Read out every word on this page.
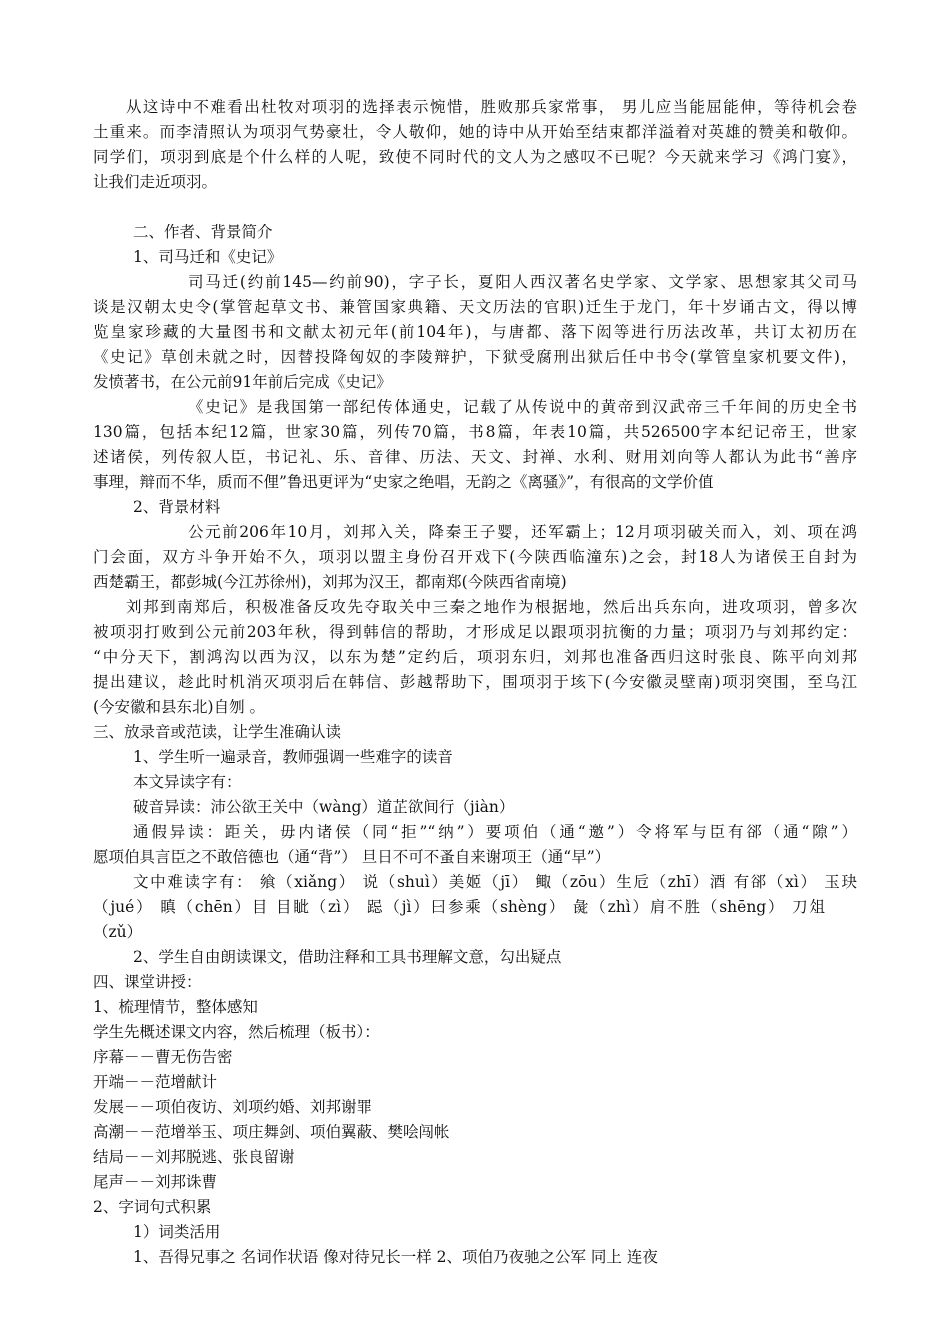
从这诗中不难看出杜牧对项羽的选择表示惋惜，胜败那兵家常事， 男儿应当能屈能伸，等待机会卷
土重来。而李清照认为项羽气势豪壮，令人敬仰，她的诗中从开始至结束都洋溢着对英雄的赞美和敬仰。
同学们，项羽到底是个什么样的人呢，致使不同时代的文人为之感叹不已呢？今天就来学习《鸿门宴》，
让我们走近项羽。
二、作者、背景简介
1、司马迁和《史记》
司马迁(约前145—约前90)，字子长，夏阳人西汉著名史学家、文学家、思想家其父司马
谈是汉朝太史令(掌管起草文书、兼管国家典籍、天文历法的官职)迁生于龙门，年十岁诵古文，得以博
览皇家珍藏的大量图书和文献太初元年(前104年)，与唐都、落下闳等进行历法改革，共订太初历在
《史记》草创未就之时，因替投降匈奴的李陵辩护，下狱受腐刑出狱后任中书令(掌管皇家机要文件)，
发愤著书，在公元前91年前后完成《史记》
《史记》是我国第一部纪传体通史，记载了从传说中的黄帝到汉武帝三千年间的历史全书
130篇，包括本纪12篇，世家30篇，列传70篇，书8篇，年表10篇，共526500字本纪记帝王，世家
述诸侯，列传叙人臣，书记礼、乐、音律、历法、天文、封禅、水利、财用刘向等人都认为此书“善序
事理，辩而不华，质而不俚”鲁迅更评为“史家之绝唱，无韵之《离骚》”，有很高的文学价值
2、背景材料
公元前206年10月，刘邦入关，降秦王子婴，还军霸上；12月项羽破关而入，刘、项在鸿
门会面，双方斗争开始不久，项羽以盟主身份召开戏下(今陕西临潼东)之会，封18人为诸侯王自封为
西楚霸王，都彭城(今江苏徐州)，刘邦为汉王，都南郑(今陕西省南境)
刘邦到南郑后，积极准备反攻先夺取关中三秦之地作为根据地，然后出兵东向，进攻项羽，曾多次
被项羽打败到公元前203年秋，得到韩信的帮助，才形成足以跟项羽抗衡的力量；项羽乃与刘邦约定：
“中分天下，割鸿沟以西为汉，以东为楚”定约后，项羽东归，刘邦也准备西归这时张良、陈平向刘邦
提出建议，趁此时机消灭项羽后在韩信、彭越帮助下，围项羽于垓下(今安徽灵壁南)项羽突围，至乌江
(今安徽和县东北)自刎 。
三、放录音或范读，让学生准确认读
1、学生听一遍录音，教师强调一些难字的读音
本文异读字有：
破音异读：沛公欲王关中（wàng）道芷欲间行（jiàn）
通假异读：距关，毋内诸侯（同“拒”“纳”）要项伯（通“邀”）令将军与臣有郤（通“隙”）
愿项伯具言臣之不敢倍德也（通“背”） 旦日不可不蚤自来谢项王（通“早”）
文中难读字有： 飨（xiǎng） 说（shuì）美姬（jī） 鲰（zōu）生卮（zhī）酒 有郤（xì） 玉玦
（jué） 瞋（chēn）目 目眦（zì） 跽（jì）曰参乘（shèng） 彘（zhì）肩不胜（shēng） 刀俎
（zǔ）
2、学生自由朗读课文，借助注释和工具书理解文意，勾出疑点
四、课堂讲授：
1、梳理情节，整体感知
学生先概述课文内容，然后梳理（板书）：
序幕－－曹无伤告密
开端－－范增献计
发展－－项伯夜访、刘项约婚、刘邦谢罪
高潮－－范增举玉、项庄舞剑、项伯翼蔽、樊哙闯帐
结局－－刘邦脱逃、张良留谢
尾声－－刘邦诛曹
2、字词句式积累
1）词类活用
1、吾得兄事之 名词作状语 像对待兄长一样 2、项伯乃夜驰之公军 同上 连夜
